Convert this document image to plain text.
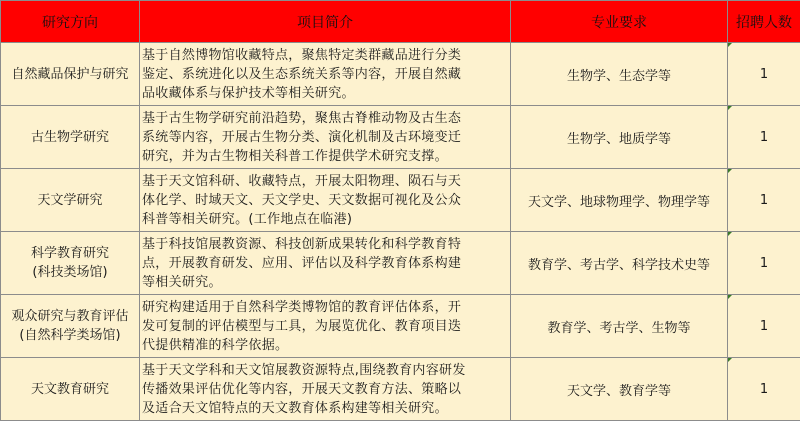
研究方向	项目简介	专业要求	招聘人数

自然藏品保护与研究	基于自然博物馆收藏特点，聚焦特定类群藏品进行分类
鉴定、系统进化以及生态系统关系等内容，开展自然藏
品收藏体系与保护技术等相关研究。	生物学、生态学等	1

古生物学研究	基于古生物学研究前沿趋势，聚焦古脊椎动物及古生态
系统等内容，开展古生物分类、演化机制及古环境变迁
研究，并为古生物相关科普工作提供学术研究支撑。	生物学、地质学等	1

天文学研究	基于天文馆科研、收藏特点，开展太阳物理、陨石与天
体化学、时域天文、天文学史、天文数据可视化及公众
科普等相关研究。(工作地点在临港)	天文学、地球物理学、物理学等	1

科学教育研究
(科技类场馆)	基于科技馆展教资源、科技创新成果转化和科学教育特
点，开展教育研发、应用、评估以及科学教育体系构建
等相关研究。	教育学、考古学、科学技术史等	1

观众研究与教育评估
(自然科学类场馆)	研究构建适用于自然科学类博物馆的教育评估体系，开
发可复制的评估模型与工具，为展览优化、教育项目迭
代提供精准的科学依据。	教育学、考古学、生物等	1

天文教育研究	基于天文学科和天文馆展教资源特点,围绕教育内容研发
传播效果评估优化等内容，开展天文教育方法、策略以
及适合天文馆特点的天文教育体系构建等相关研究。	天文学、教育学等	1
